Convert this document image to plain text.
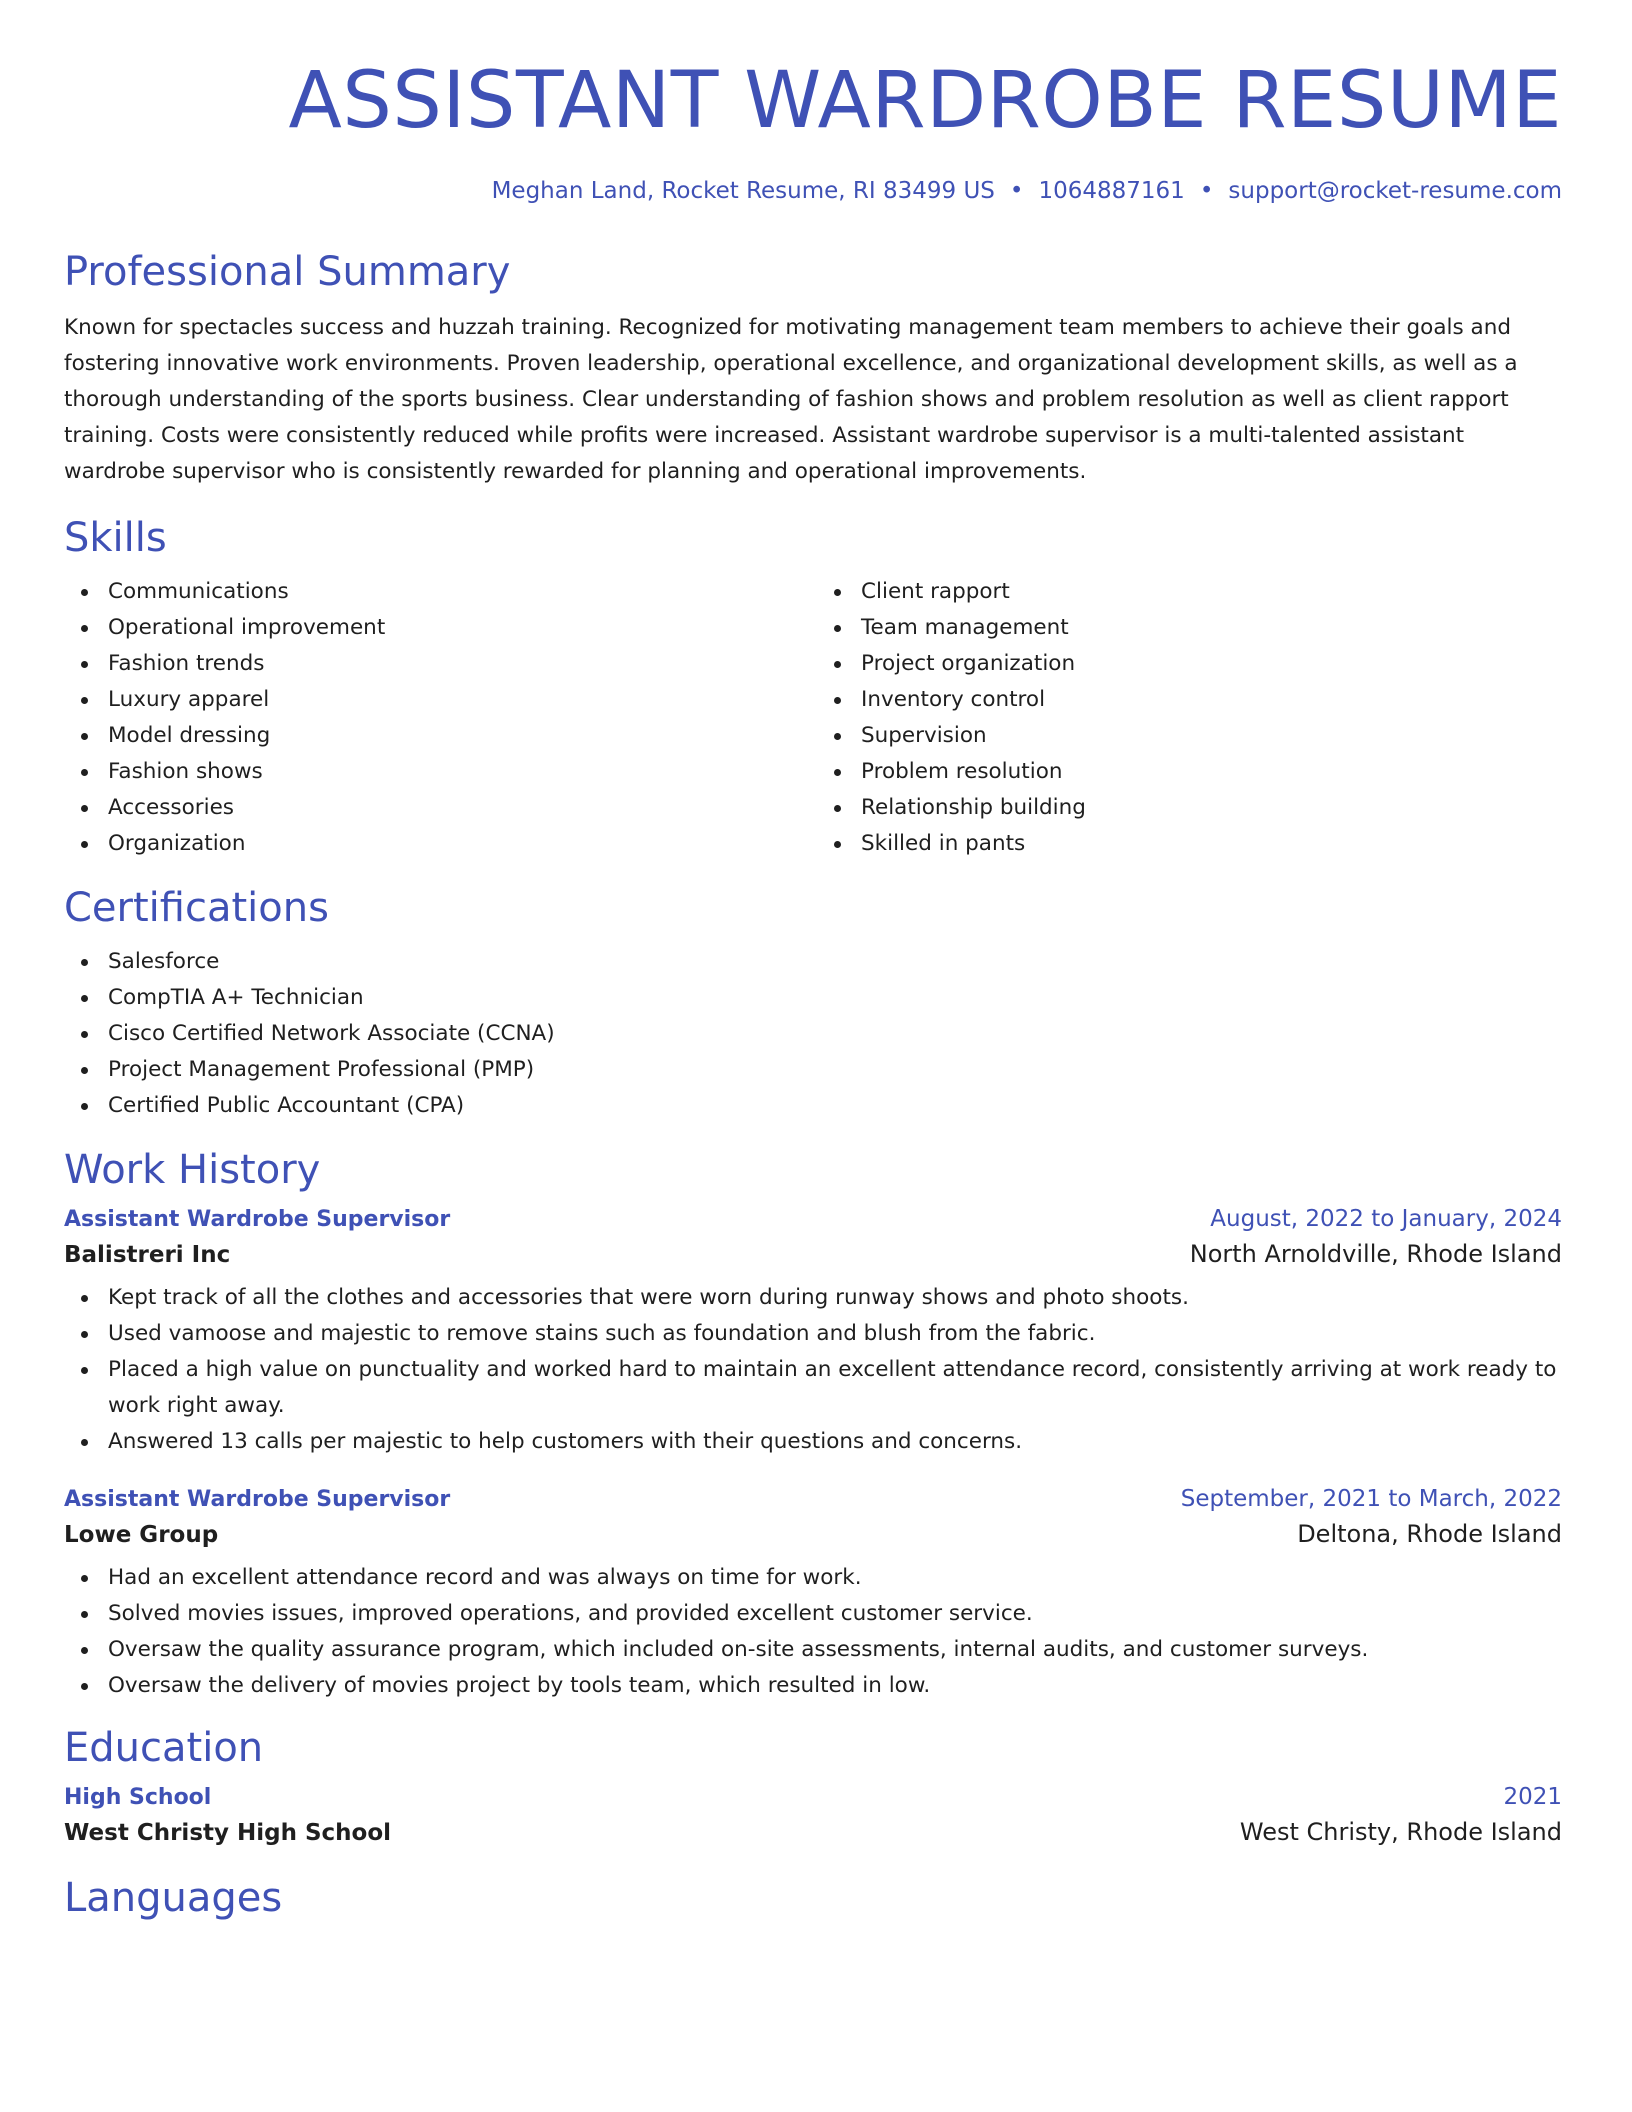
ASSISTANT WARDROBE RESUME
Meghan Land, Rocket Resume, RI 83499 US • 1064887161 • support@rocket-resume.com
Professional Summary

Known for spectacles success and huzzah training. Recognized for motivating management team members to achieve their goals and fostering innovative work environments. Proven leadership, operational excellence, and organizational development skills, as well as a thorough understanding of the sports business. Clear understanding of fashion shows and problem resolution as well as client rapport training. Costs were consistently reduced while profits were increased. Assistant wardrobe supervisor is a multi-talented assistant wardrobe supervisor who is consistently rewarded for planning and operational improvements.

Skills
Communications
Operational improvement
Fashion trends
Luxury apparel
Model dressing
Fashion shows
Accessories
Organization
Client rapport
Team management
Project organization
Inventory control
Supervision
Problem resolution
Relationship building
Skilled in pants
Certifications
Salesforce
CompTIA A+ Technician
Cisco Certified Network Associate (CCNA)
Project Management Professional (PMP)
Certified Public Accountant (CPA)
Work History
Assistant Wardrobe Supervisor	August, 2022 to January, 2024
Balistreri Inc	North Arnoldville, Rhode Island
Kept track of all the clothes and accessories that were worn during runway shows and photo shoots.
Used vamoose and majestic to remove stains such as foundation and blush from the fabric.
Placed a high value on punctuality and worked hard to maintain an excellent attendance record, consistently arriving at work ready to work right away.
Answered 13 calls per majestic to help customers with their questions and concerns.
Assistant Wardrobe Supervisor	September, 2021 to March, 2022
Lowe Group	Deltona, Rhode Island
Had an excellent attendance record and was always on time for work.
Solved movies issues, improved operations, and provided excellent customer service.
Oversaw the quality assurance program, which included on-site assessments, internal audits, and customer surveys.
Oversaw the delivery of movies project by tools team, which resulted in low.
Education
High School	2021
West Christy High School	West Christy, Rhode Island
Languages
